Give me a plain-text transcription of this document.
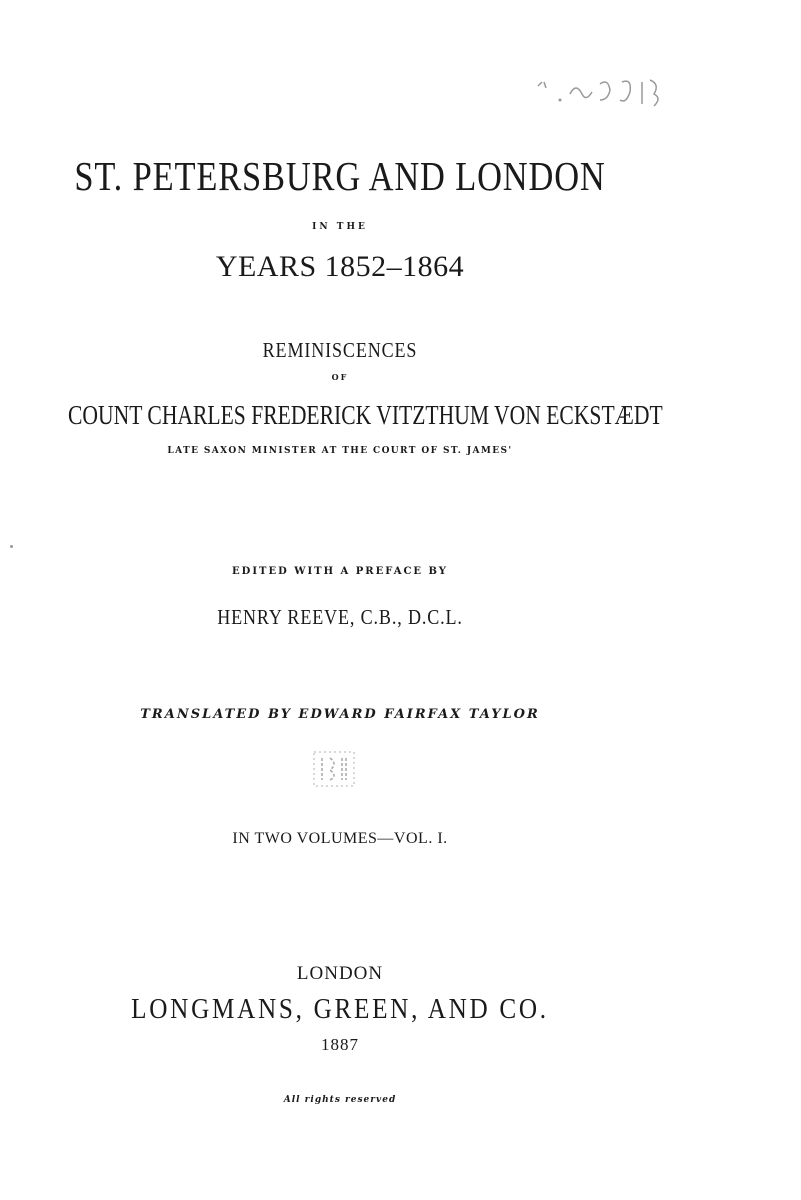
ST. PETERSBURG AND LONDON
IN THE
YEARS 1852–1864
REMINISCENCES
OF
COUNT CHARLES FREDERICK VITZTHUM VON ECKSTÆDT
LATE SAXON MINISTER AT THE COURT OF ST. JAMES'
EDITED WITH A PREFACE BY
HENRY REEVE, C.B., D.C.L.
TRANSLATED BY EDWARD FAIRFAX TAYLOR
IN TWO VOLUMES—VOL. I.
LONDON
LONGMANS, GREEN, AND CO.
1887
All rights reserved
